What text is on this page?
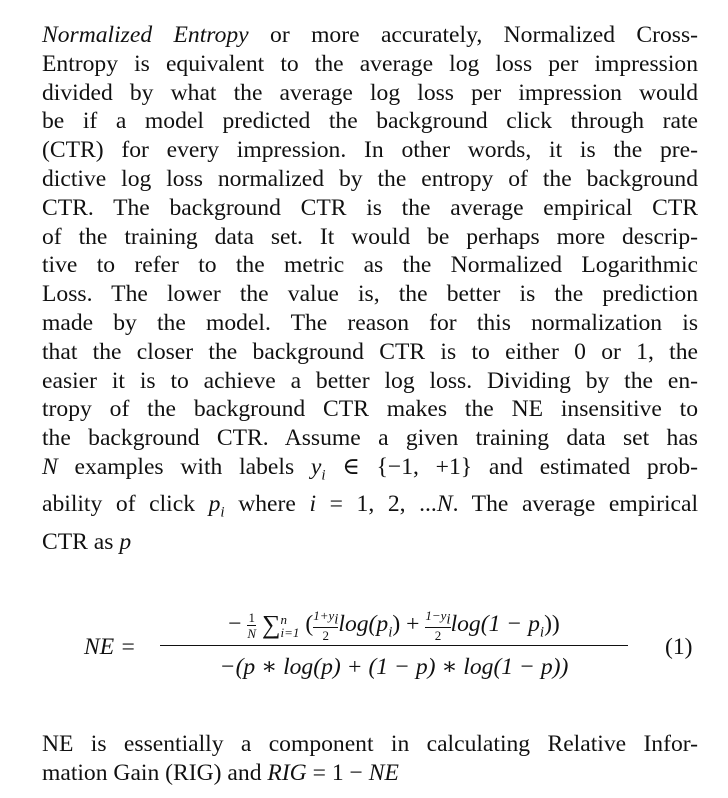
Normalized Entropy or more accurately, Normalized Cross-
Entropy is equivalent to the average log loss per impression
divided by what the average log loss per impression would
be if a model predicted the background click through rate
(CTR) for every impression. In other words, it is the pre-
dictive log loss normalized by the entropy of the background
CTR. The background CTR is the average empirical CTR
of the training data set. It would be perhaps more descrip-
tive to refer to the metric as the Normalized Logarithmic
Loss. The lower the value is, the better is the prediction
made by the model. The reason for this normalization is
that the closer the background CTR is to either 0 or 1, the
easier it is to achieve a better log loss. Dividing by the en-
tropy of the background CTR makes the NE insensitive to
the background CTR. Assume a given training data set has
N examples with labels $y_i$ ∈ {−1, +1} and estimated prob-
ability of click $p_i$ where i = 1, 2, ...N. The average empirical
CTR as p
NE =
− $\frac{1}{N}$ ∑ n
i=1 ( $\frac{1+y_i}{2} \log(p_i) + \frac{1-y_i}{2} \log(1 - p_i)$)
−(p ∗ log(p) + (1 − p) ∗ log(1 − p))
(1)
NE is essentially a component in calculating Relative Infor-
mation Gain (RIG) and RIG = 1 − NE
